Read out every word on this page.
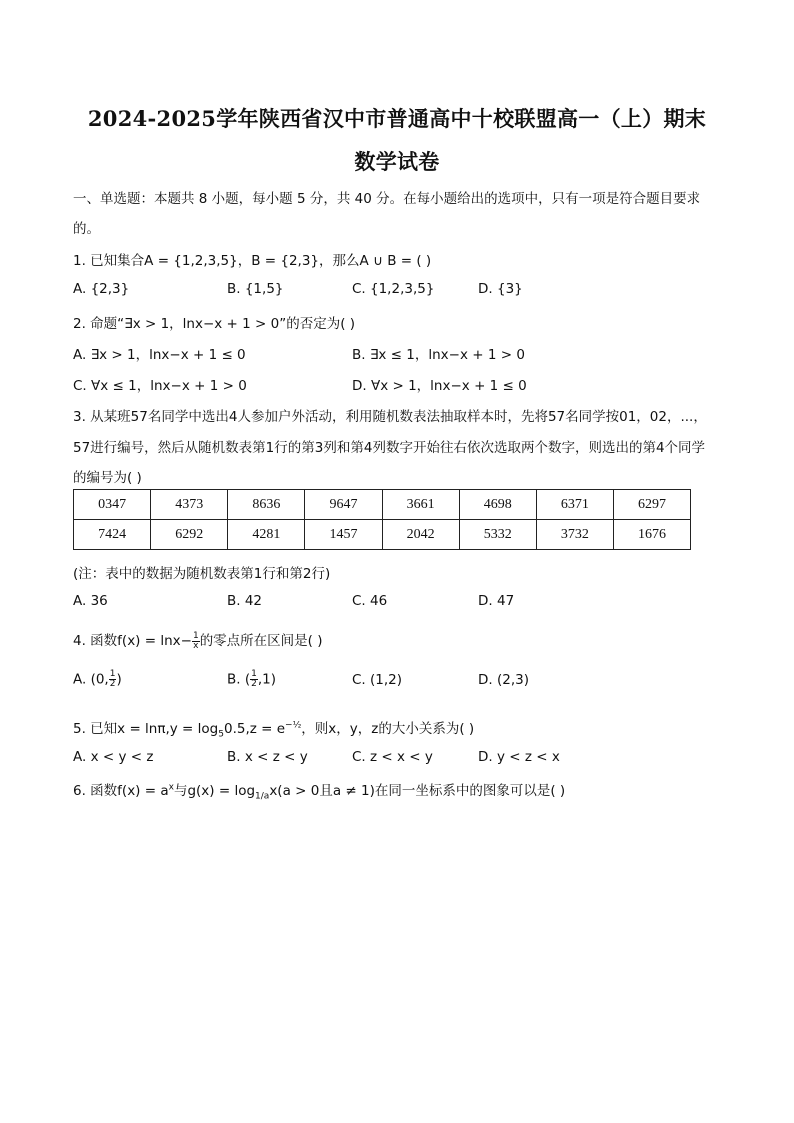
2024-2025学年陕西省汉中市普通高中十校联盟高一（上）期末
数学试卷
一、单选题：本题共 8 小题，每小题 5 分，共 40 分。在每小题给出的选项中，只有一项是符合题目要求
的。
1. 已知集合A = {1,2,3,5}，B = {2,3}，那么A ∪ B = ( )
A. {2,3}	B. {1,5}	C. {1,2,3,5}	D. {3}
2. 命题“∃x > 1，lnx−x + 1 > 0”的否定为( )
A. ∃x > 1，lnx−x + 1 ≤ 0	B. ∃x ≤ 1，lnx−x + 1 > 0
C. ∀x ≤ 1，lnx−x + 1 > 0	D. ∀x > 1，lnx−x + 1 ≤ 0
3. 从某班57名同学中选出4人参加户外活动，利用随机数表法抽取样本时，先将57名同学按01，02，...，
57进行编号，然后从随机数表第1行的第3列和第4列数字开始往右依次选取两个数字，则选出的第4个同学
的编号为( )
0347	4373	8636	9647	3661	4698	6371	6297
7424	6292	4281	1457	2042	5332	3732	1676
(注：表中的数据为随机数表第1行和第2行)
A. 36	B. 42	C. 46	D. 47
4. 函数$f(x) = \ln x- \frac{1}{x}$ 的零点所在区间是( )
A. (0, $\frac{1}{2}$ )	B. ( $\frac{1}{2} ,1$)	C. (1,2)	D. (2,3)
5. 已知$x = \ln\pi,y = \log_50.5,z = e^{-\frac{1}{2}}$，则x，y，z的大小关系为( )
A. x < y < z	B. x < z < y	C. z < x < y	D. y < z < x
6. 函数$f(x) = a^x$与$g(x) = \log_{1/a}x(a > 0$且a ≠ 1)在同一坐标系中的图象可以是( )
